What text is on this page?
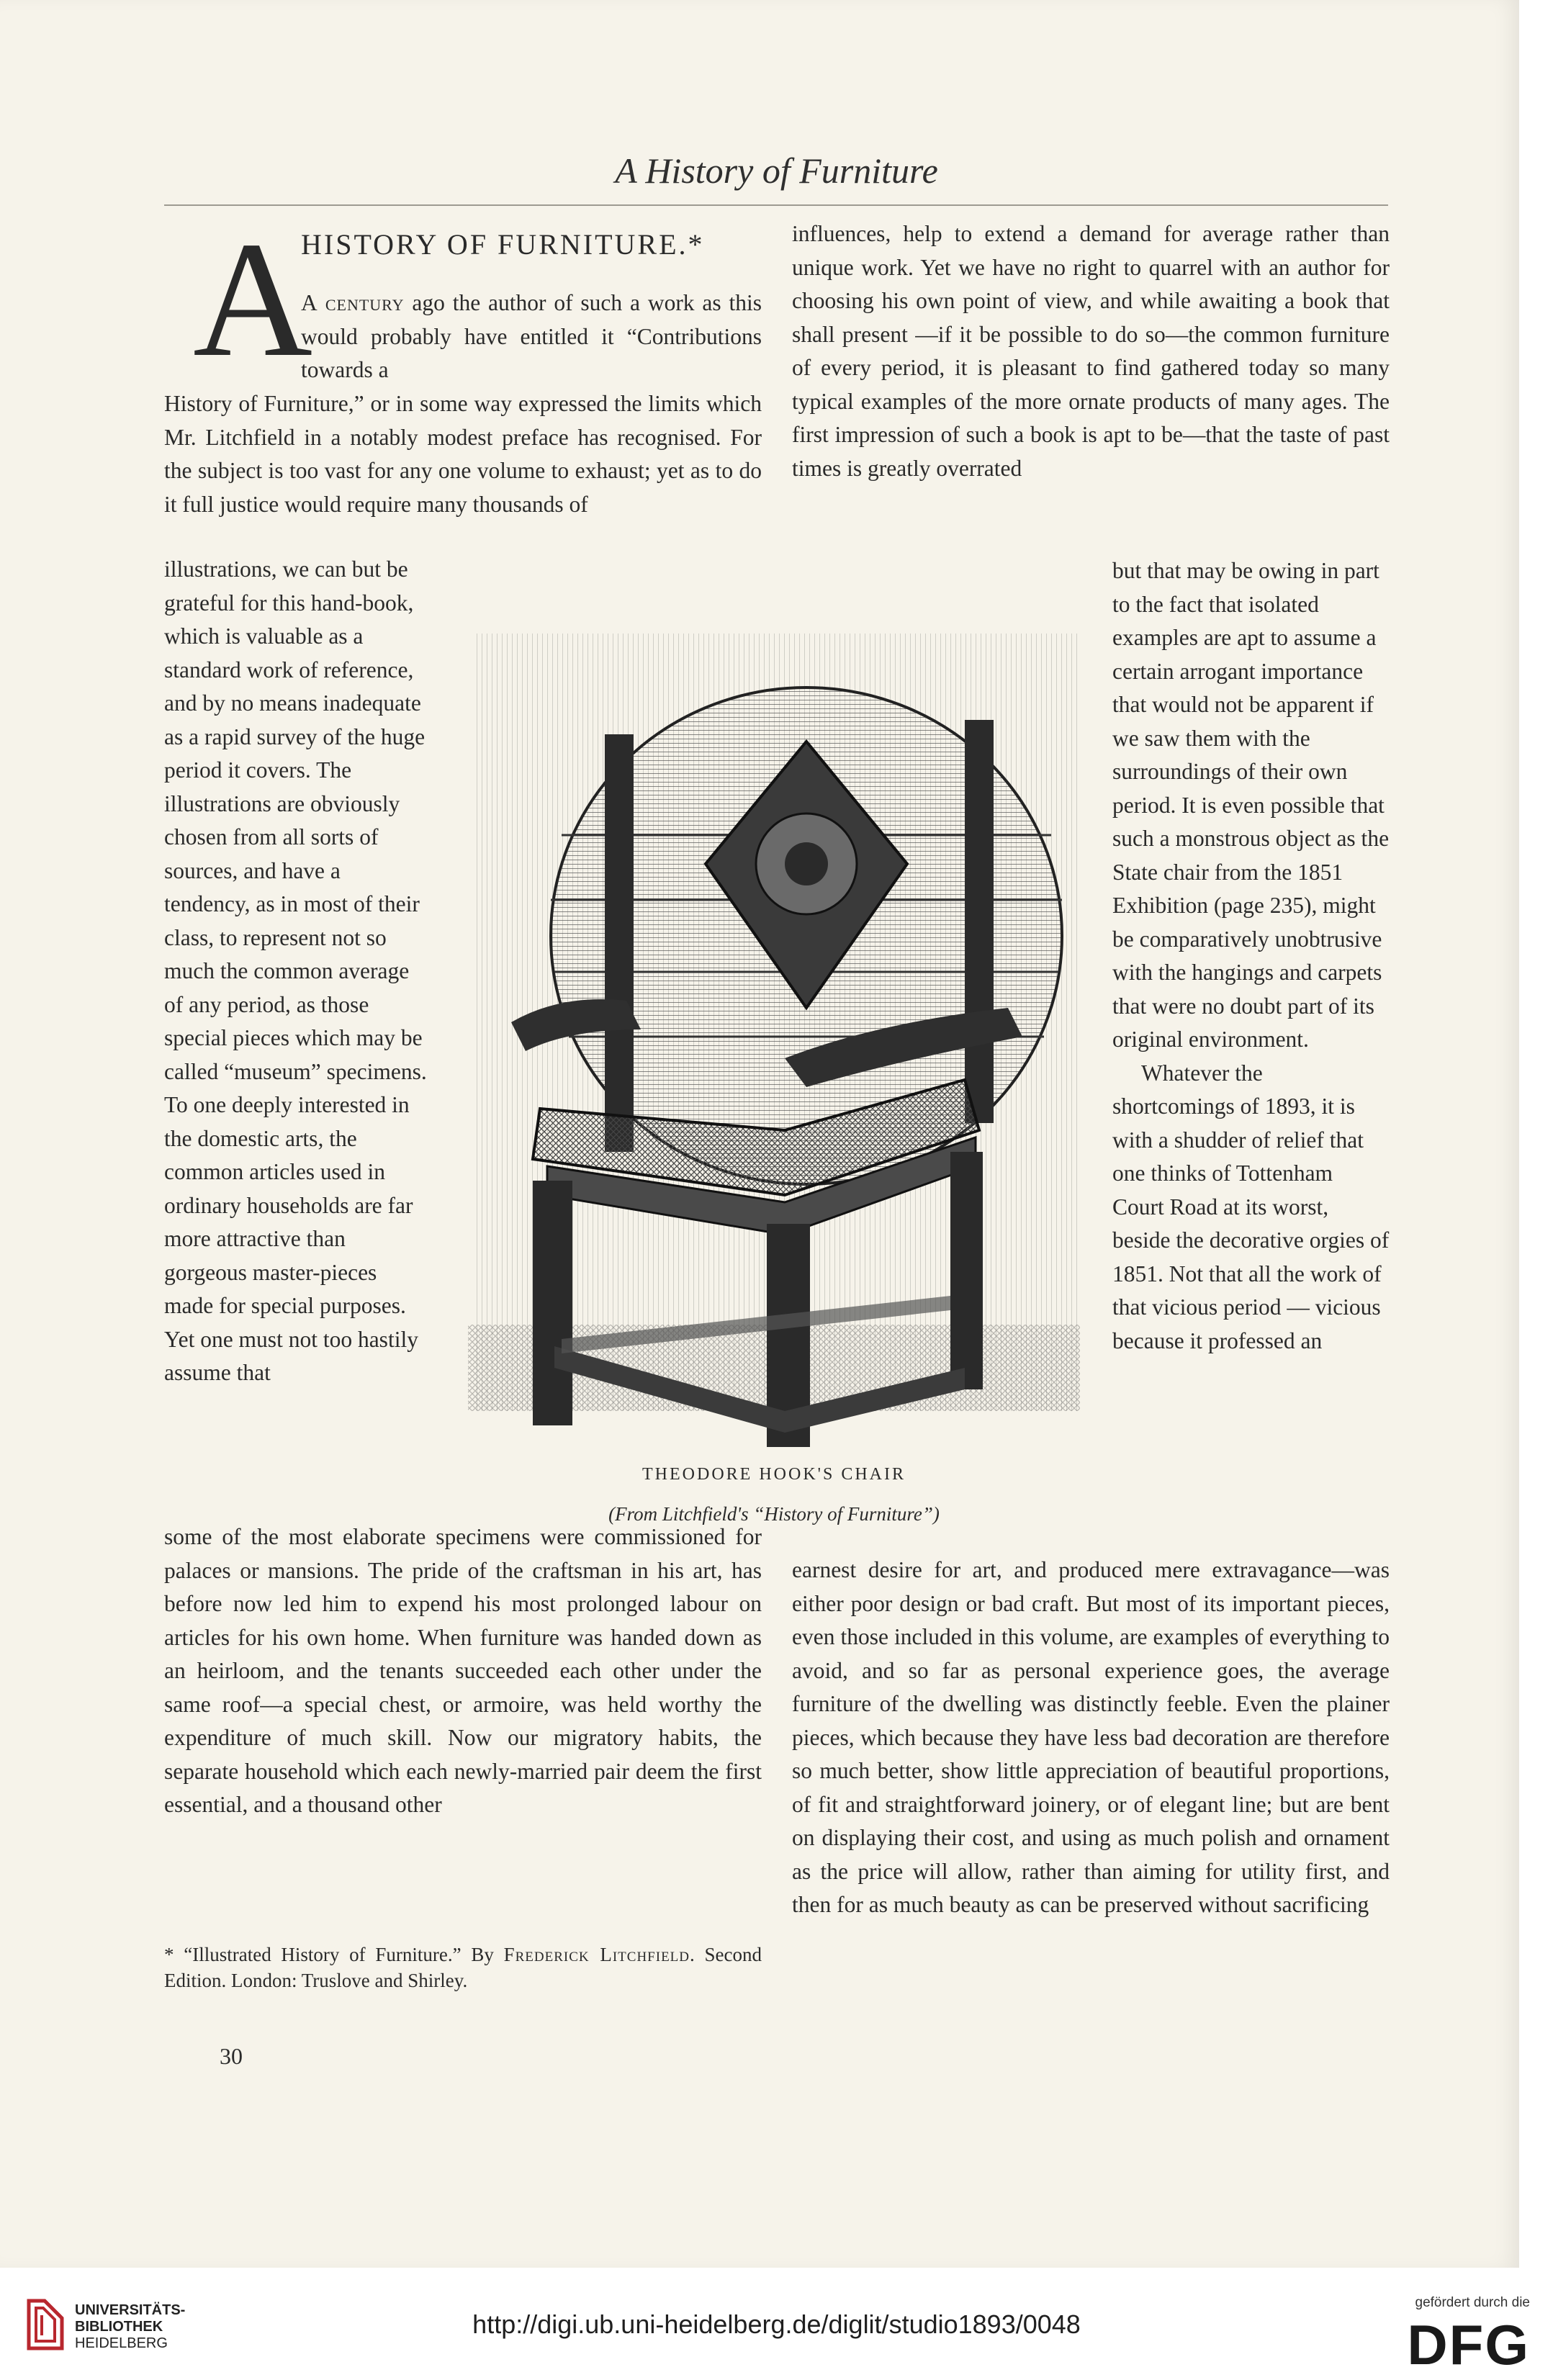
A History of Furniture
A

HISTORY OF FURNITURE.*

A century ago the author of such a work as this would probably have entitled it “Contributions towards a

History of Furniture,” or in some way expressed the limits which Mr. Litchfield in a notably modest preface has recognised. For the subject is too vast for any one volume to exhaust; yet as to do it full justice would require many thousands of

illustrations, we can but be grateful for this hand-book, which is valuable as a standard work of reference, and by no means inadequate as a rapid survey of the huge period it covers. The illustrations are obviously chosen from all sorts of sources, and have a tendency, as in most of their class, to represent not so much the common average of any period, as those special pieces which may be called “museum” specimens. To one deeply interested in the domestic arts, the common articles used in ordinary households are far more attractive than gorgeous master-pieces made for special purposes. Yet one must not too hastily assume that

some of the most elaborate specimens were commissioned for palaces or mansions. The pride of the craftsman in his art, has before now led him to expend his most prolonged labour on articles for his own home. When furniture was handed down as an heirloom, and the tenants succeeded each other under the same roof—a special chest, or armoire, was held worthy the expenditure of much skill. Now our migratory habits, the separate household which each newly-married pair deem the first essential, and a thousand other

influences, help to extend a demand for average rather than unique work. Yet we have no right to quarrel with an author for choosing his own point of view, and while awaiting a book that shall present —if it be possible to do so—the common furniture of every period, it is pleasant to find gathered today so many typical examples of the more ornate products of many ages. The first impression of such a book is apt to be—that the taste of past times is greatly overrated

but that may be owing in part to the fact that isolated examples are apt to assume a certain arrogant importance that would not be apparent if we saw them with the surroundings of their own period. It is even possible that such a monstrous object as the State chair from the 1851 Exhibition (page 235), might be comparatively unobtrusive with the hangings and carpets that were no doubt part of its original environment.

Whatever the shortcomings of 1893, it is with a shudder of relief that one thinks of Tottenham Court Road at its worst, beside the decorative orgies of 1851. Not that all the work of that vicious period — vicious because it professed an

earnest desire for art, and produced mere extravagance—was either poor design or bad craft. But most of its important pieces, even those included in this volume, are examples of everything to avoid, and so far as personal experience goes, the average furniture of the dwelling was distinctly feeble. Even the plainer pieces, which because they have less bad decoration are therefore so much better, show little appreciation of beautiful proportions, of fit and straightforward joinery, or of elegant line; but are bent on displaying their cost, and using as much polish and ornament as the price will allow, rather than aiming for utility first, and then for as much beauty as can be preserved without sacrificing

THEODORE HOOK'S CHAIR
(From Litchfield's “History of Furniture”)
* “Illustrated History of Furniture.” By Frederick Litchfield. Second Edition. London: Truslove and Shirley.
30
UNIVERSITÄTS-
BIBLIOTHEK
HEIDELBERG
http://digi.ub.uni-heidelberg.de/diglit/studio1893/0048
gefördert durch die
DFG
